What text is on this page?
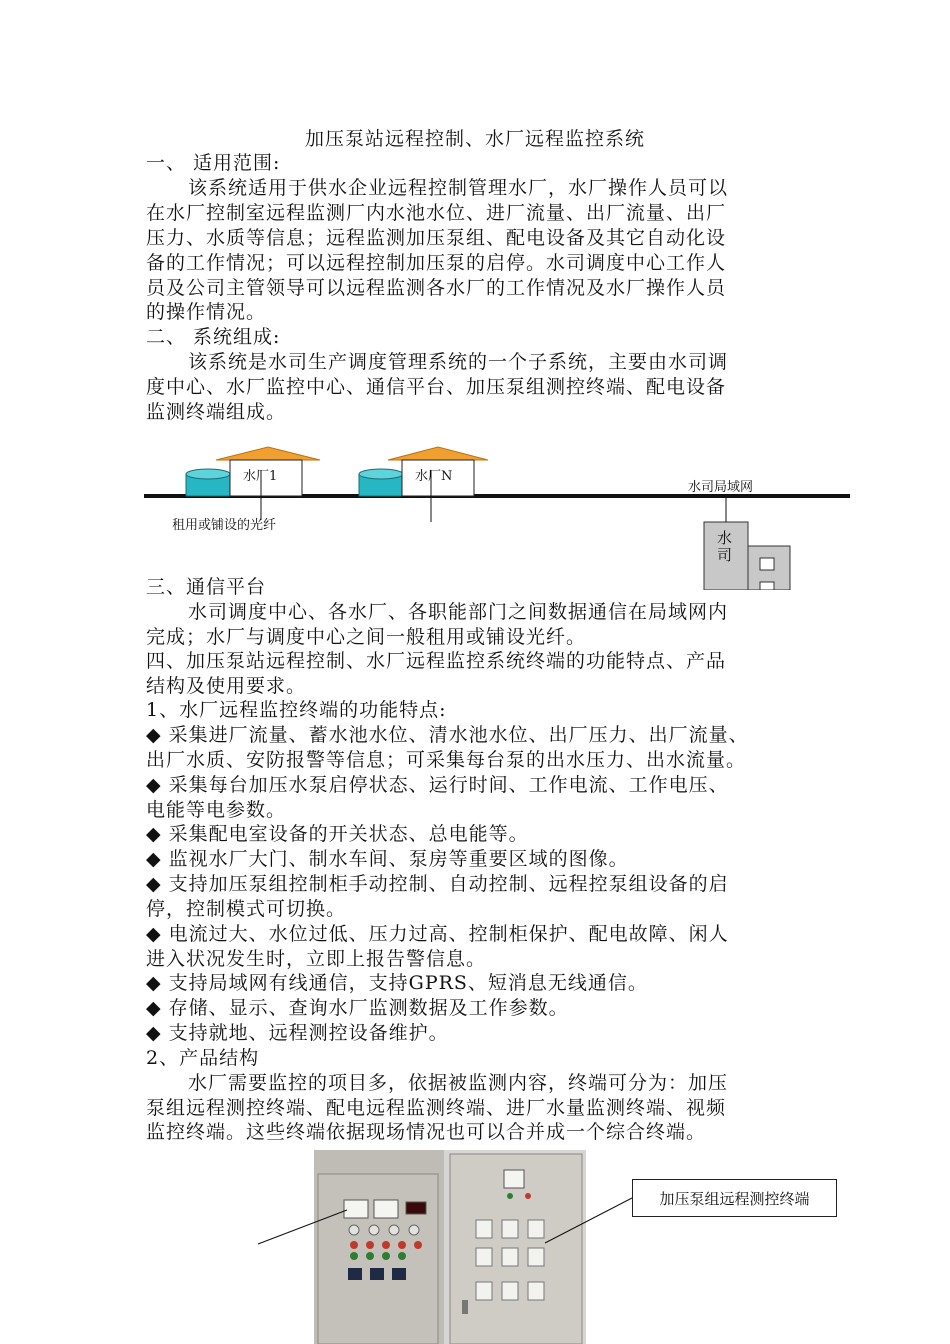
加压泵站远程控制、水厂远程监控系统
一、 适用范围:
该系统适用于供水企业远程控制管理水厂，水厂操作人员可以
在水厂控制室远程监测厂内水池水位、进厂流量、出厂流量、出厂
压力、水质等信息；远程监测加压泵组、配电设备及其它自动化设
备的工作情况；可以远程控制加压泵的启停。水司调度中心工作人
员及公司主管领导可以远程监测各水厂的工作情况及水厂操作人员
的操作情况。
二、 系统组成:
该系统是水司生产调度管理系统的一个子系统，主要由水司调
度中心、水厂监控中心、通信平台、加压泵组测控终端、配电设备
监测终端组成。
水厂1	水厂N
租用或铺设的光纤
水司局域网
水
司
三、通信平台
水司调度中心、各水厂、各职能部门之间数据通信在局域网内
完成；水厂与调度中心之间一般租用或铺设光纤。
四、加压泵站远程控制、水厂远程监控系统终端的功能特点、产品
结构及使用要求。
1、水厂远程监控终端的功能特点:
◆ 采集进厂流量、蓄水池水位、清水池水位、出厂压力、出厂流量、
出厂水质、安防报警等信息；可采集每台泵的出水压力、出水流量。
◆ 采集每台加压水泵启停状态、运行时间、工作电流、工作电压、
电能等电参数。
◆ 采集配电室设备的开关状态、总电能等。
◆ 监视水厂大门、制水车间、泵房等重要区域的图像。
◆ 支持加压泵组控制柜手动控制、自动控制、远程控泵组设备的启
停，控制模式可切换。
◆ 电流过大、水位过低、压力过高、控制柜保护、配电故障、闲人
进入状况发生时，立即上报告警信息。
◆ 支持局域网有线通信，支持GPRS、短消息无线通信。
◆ 存储、显示、查询水厂监测数据及工作参数。
◆ 支持就地、远程测控设备维护。
2、产品结构
水厂需要监控的项目多，依据被监测内容，终端可分为：加压
泵组远程测控终端、配电远程监测终端、进厂水量监测终端、视频
监控终端。这些终端依据现场情况也可以合并成一个综合终端。
加压泵组远程测控终端
